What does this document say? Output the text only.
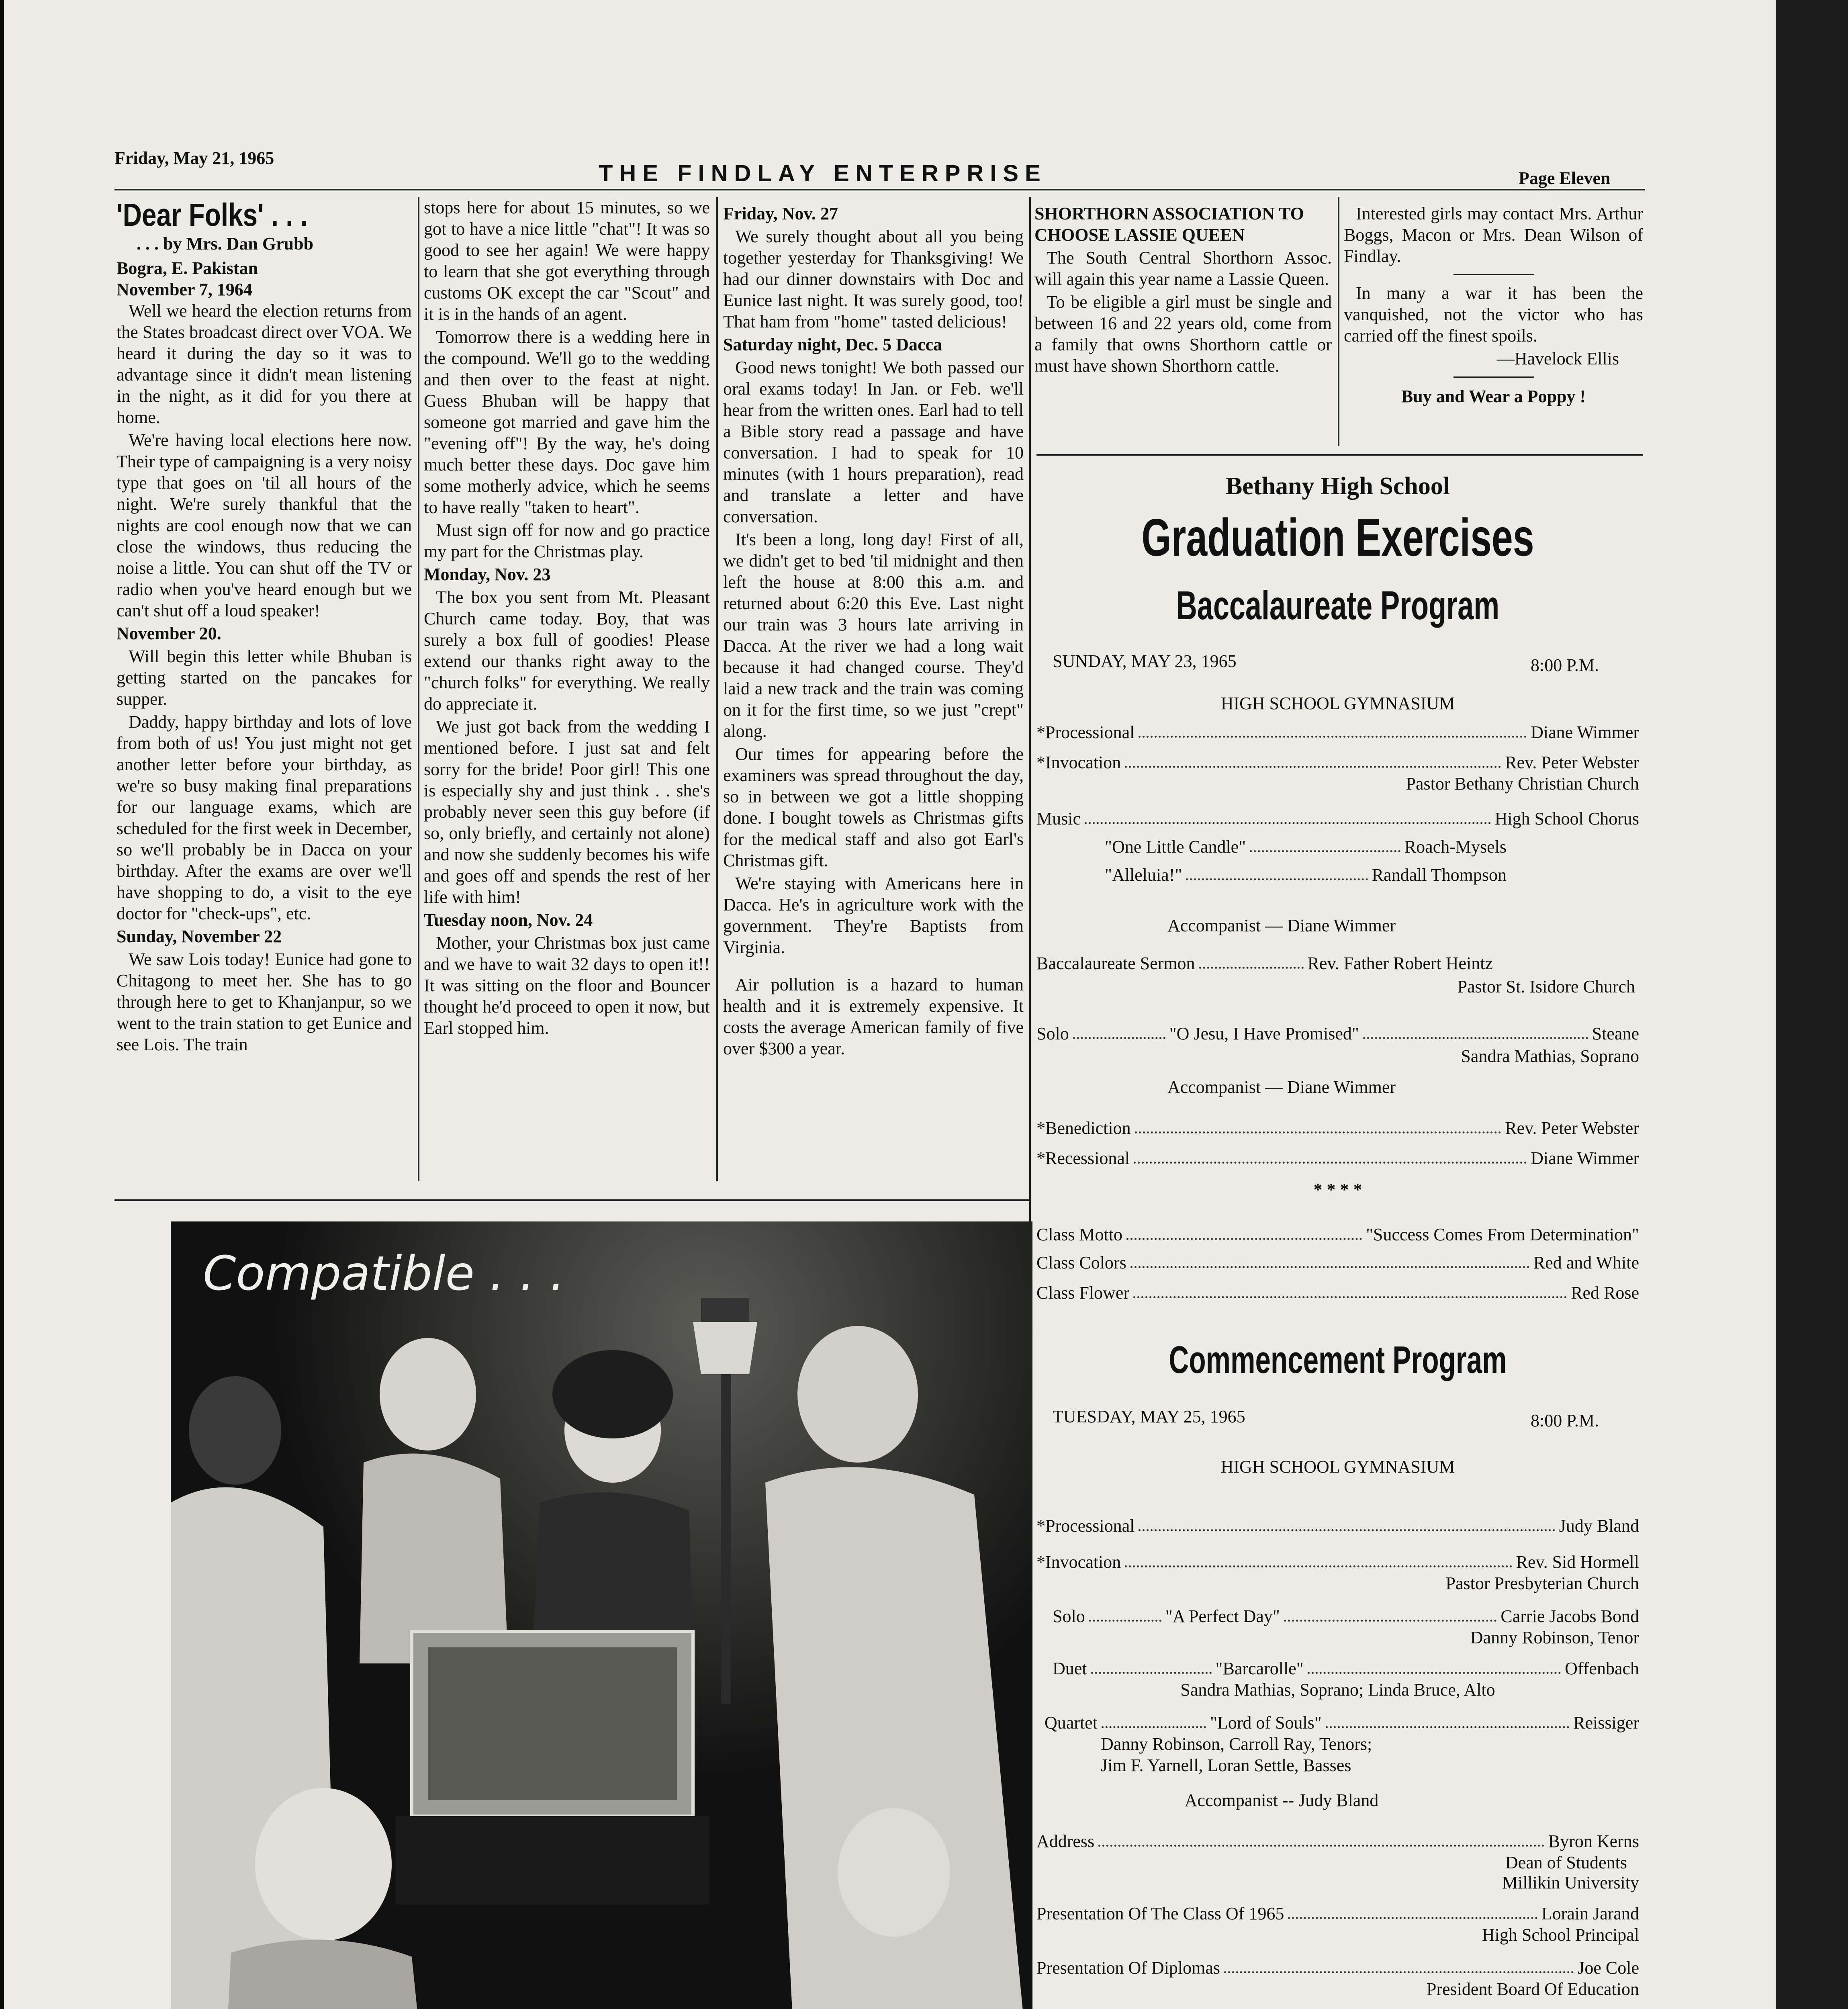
Friday, May 21, 1965
THE FINDLAY ENTERPRISE	Page Eleven
'Dear Folks' . . .
. . . by Mrs. Dan Grubb
Bogra, E. Pakistan
November 7, 1964

Well we heard the election returns from the States broadcast direct over VOA. We heard it during the day so it was to advantage since it didn't mean listening in the night, as it did for you there at home.

We're having local elections here now. Their type of campaigning is a very noisy type that goes on 'til all hours of the night. We're surely thankful that the nights are cool enough now that we can close the windows, thus reducing the noise a little. You can shut off the TV or radio when you've heard enough but we can't shut off a loud speaker!

November 20.

Will begin this letter while Bhuban is getting started on the pancakes for supper.

Daddy, happy birthday and lots of love from both of us! You just might not get another letter before your birthday, as we're so busy making final preparations for our language exams, which are scheduled for the first week in December, so we'll probably be in Dacca on your birthday. After the exams are over we'll have shopping to do, a visit to the eye doctor for "check-ups", etc.

Sunday, November 22

We saw Lois today! Eunice had gone to Chitagong to meet her. She has to go through here to get to Khanjanpur, so we went to the train station to get Eunice and see Lois. The train

stops here for about 15 minutes, so we got to have a nice little "chat"! It was so good to see her again! We were happy to learn that she got everything through customs OK except the car "Scout" and it is in the hands of an agent.

Tomorrow there is a wedding here in the compound. We'll go to the wedding and then over to the feast at night. Guess Bhuban will be happy that someone got married and gave him the "evening off"! By the way, he's doing much better these days. Doc gave him some motherly advice, which he seems to have really "taken to heart".

Must sign off for now and go practice my part for the Christmas play.

Monday, Nov. 23

The box you sent from Mt. Pleasant Church came today. Boy, that was surely a box full of goodies! Please extend our thanks right away to the "church folks" for everything. We really do appreciate it.

We just got back from the wedding I mentioned before. I just sat and felt sorry for the bride! Poor girl! This one is especially shy and just think . . she's probably never seen this guy before (if so, only briefly, and certainly not alone) and now she suddenly becomes his wife and goes off and spends the rest of her life with him!

Tuesday noon, Nov. 24

Mother, your Christmas box just came and we have to wait 32 days to open it!! It was sitting on the floor and Bouncer thought he'd proceed to open it now, but Earl stopped him.

Friday, Nov. 27

We surely thought about all you being together yesterday for Thanksgiving! We had our dinner downstairs with Doc and Eunice last night. It was surely good, too! That ham from "home" tasted delicious!

Saturday night, Dec. 5 Dacca

Good news tonight! We both passed our oral exams today! In Jan. or Feb. we'll hear from the written ones. Earl had to tell a Bible story read a passage and have conversation. I had to speak for 10 minutes (with 1 hours preparation), read and translate a letter and have conversation.

It's been a long, long day! First of all, we didn't get to bed 'til midnight and then left the house at 8:00 this a.m. and returned about 6:20 this Eve. Last night our train was 3 hours late arriving in Dacca. At the river we had a long wait because it had changed course. They'd laid a new track and the train was coming on it for the first time, so we just "crept" along.

Our times for appearing before the examiners was spread throughout the day, so in between we got a little shopping done. I bought towels as Christmas gifts for the medical staff and also got Earl's Christmas gift.

We're staying with Americans here in Dacca. He's in agriculture work with the government. They're Baptists from Virginia.

Air pollution is a hazard to human health and it is extremely expensive. It costs the average American family of five over $300 a year.

SHORTHORN ASSOCIATION TO CHOOSE LASSIE QUEEN

The South Central Shorthorn Assoc. will again this year name a Lassie Queen.

To be eligible a girl must be single and between 16 and 22 years old, come from a family that owns Shorthorn cattle or must have shown Shorthorn cattle.

Interested girls may contact Mrs. Arthur Boggs, Macon or Mrs. Dean Wilson of Findlay.

In many a war it has been the vanquished, not the victor who has carried off the finest spoils.

—Havelock Ellis
Buy and Wear a Poppy !
Bethany High School
Graduation Exercises
Baccalaureate Program
SUNDAY, MAY 23, 1965	8:00 P.M.
HIGH SCHOOL GYMNASIUM
*Processional	Diane Wimmer
*Invocation	Rev. Peter Webster
Pastor Bethany Christian Church
Music	High School Chorus
"One Little Candle"	Roach-Mysels
"Alleluia!"	Randall Thompson
Accompanist — Diane Wimmer
Baccalaureate Sermon	Rev. Father Robert Heintz
Pastor St. Isidore Church
Solo	"O Jesu, I Have Promised"	Steane
Sandra Mathias, Soprano
Accompanist — Diane Wimmer
*Benediction	Rev. Peter Webster
*Recessional	Diane Wimmer
* * * *
Class Motto	"Success Comes From Determination"
Class Colors	Red and White
Class Flower	Red Rose
Commencement Program
TUESDAY, MAY 25, 1965	8:00 P.M.
HIGH SCHOOL GYMNASIUM
*Processional	Judy Bland
*Invocation	Rev. Sid Hormell
Pastor Presbyterian Church
Solo	"A Perfect Day"	Carrie Jacobs Bond
Danny Robinson, Tenor
Duet	"Barcarolle"	Offenbach
Sandra Mathias, Soprano; Linda Bruce, Alto
Quartet	"Lord of Souls"	Reissiger
Danny Robinson, Carroll Ray, Tenors;
Jim F. Yarnell, Loran Settle, Basses
Accompanist -- Judy Bland
Address	Byron Kerns
Dean of Students
Millikin University
Presentation Of The Class Of 1965	Lorain Jarand
High School Principal
Presentation Of Diplomas	Joe Cole
President Board Of Education
Compatible . . .
